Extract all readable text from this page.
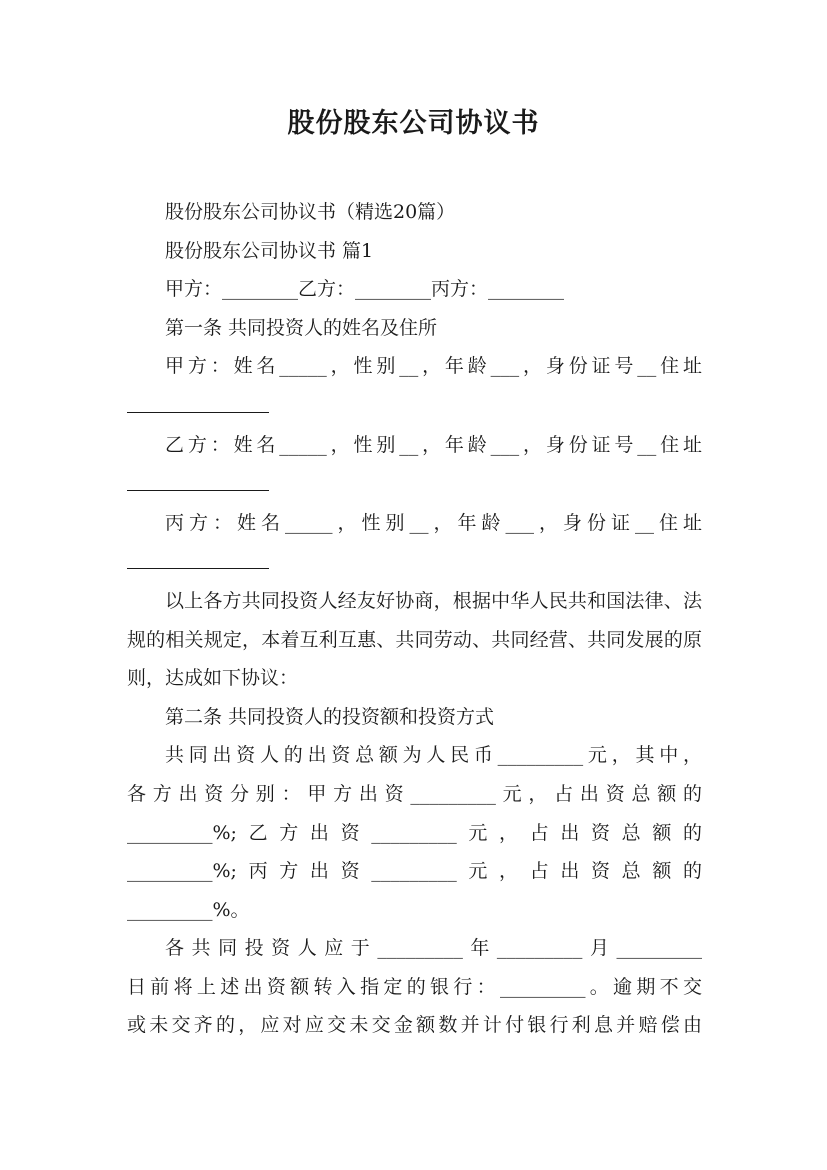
股份股东公司协议书

股份股东公司协议书（精选20篇）

股份股东公司协议书 篇1

甲方：________乙方：________丙方：________

第一条 共同投资人的姓名及住所

甲方：姓名_____，性别__，年龄___，身份证号__住址

乙方：姓名_____，性别__，年龄___，身份证号__住址

丙方：姓名_____，性别__，年龄___，身份证__住址

以上各方共同投资人经友好协商，根据中华人民共和国法律、法规的相关规定，本着互利互惠、共同劳动、共同经营、共同发展的原则，达成如下协议：

第二条 共同投资人的投资额和投资方式

共同出资人的出资总额为人民币_________元，其中，

各方出资分别：甲方出资_________元，占出资总额的

_________%;乙方出资_________元，占出资总额的

_________%;丙方出资_________元，占出资总额的

_________%。

各共同投资人应于_________年_________月_________

日前将上述出资额转入指定的银行：_________。逾期不交

或未交齐的，应对应交未交金额数并计付银行利息并赔偿由
